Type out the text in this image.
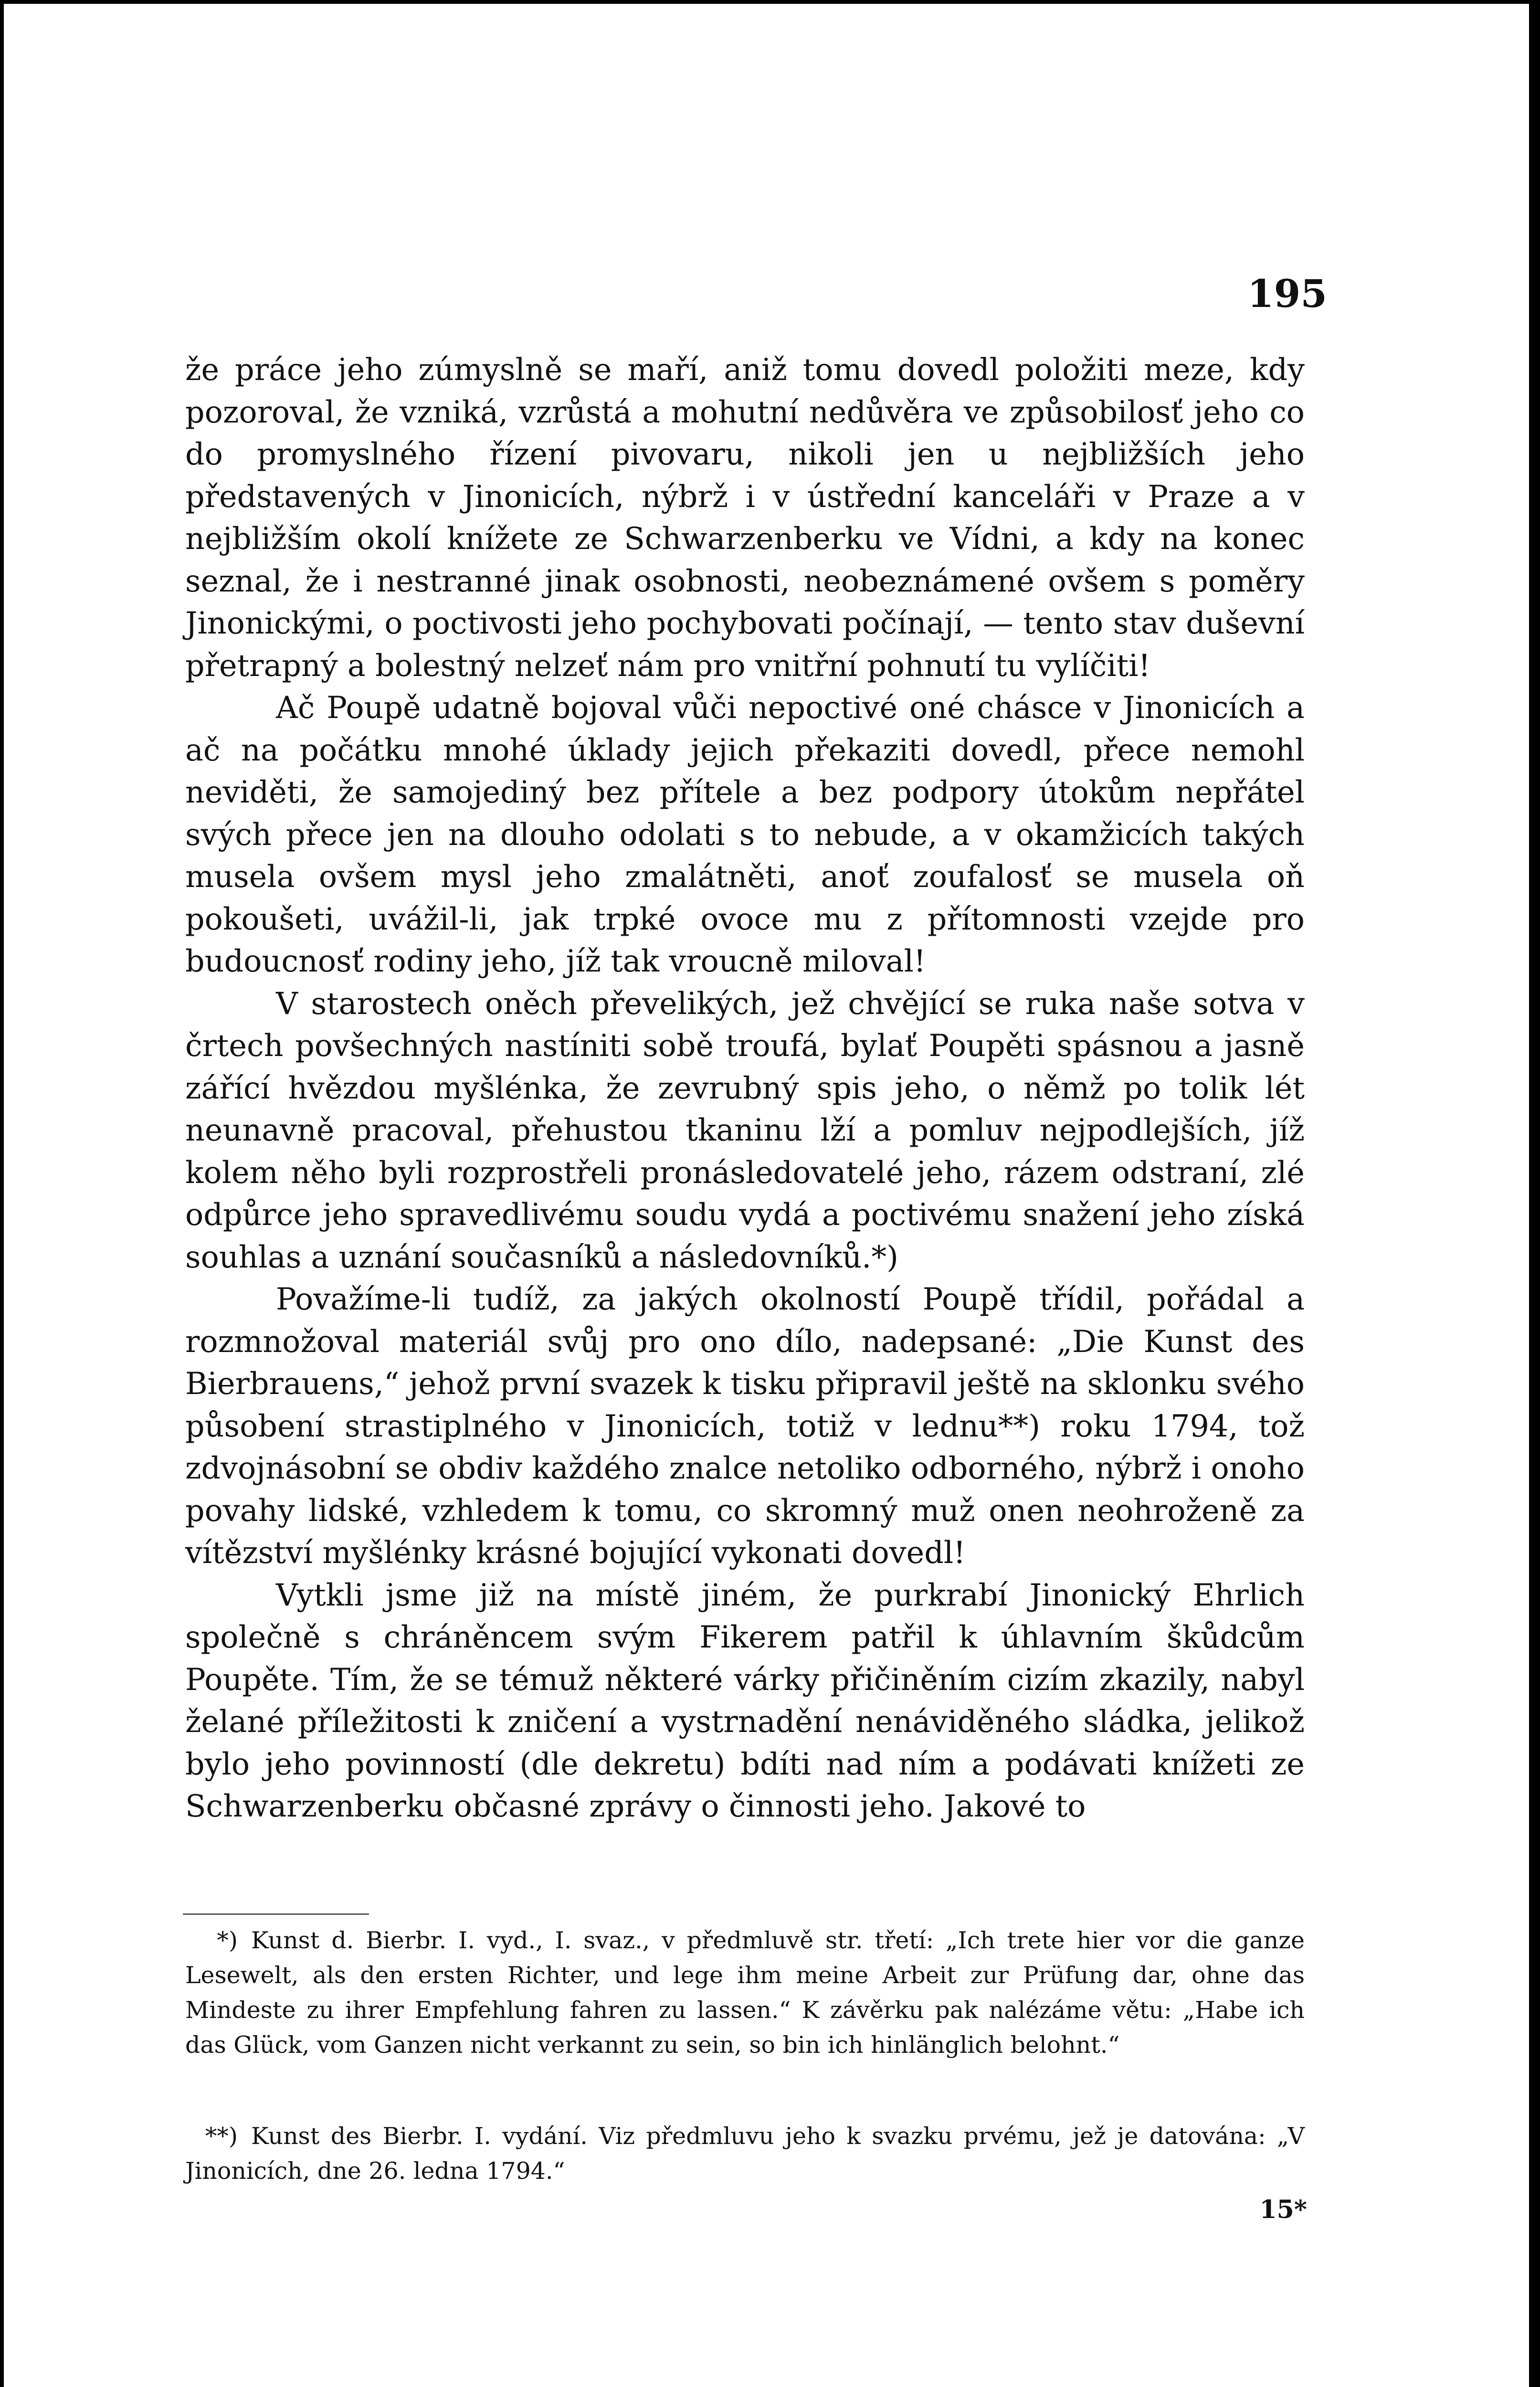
195

že práce jeho zúmyslně se maří, aniž tomu dovedl položiti meze, kdy pozoroval, že vzniká, vzrůstá a mohutní nedůvěra ve způsobilosť jeho co do promyslného řízení pivovaru, nikoli jen u nejbližších jeho představených v Jinonicích, nýbrž i v ústřední kanceláři v Praze a v nejbližším okolí knížete ze Schwarzenberku ve Vídni, a kdy na konec seznal, že i nestranné jinak osobnosti, neobeznámené ovšem s poměry Jinonickými, o poctivosti jeho pochybovati počínají, — tento stav duševní přetrapný a bolestný nelzeť nám pro vnitřní pohnutí tu vylíčiti!

Ač Poupě udatně bojoval vůči nepoctivé oné chásce v Jinonicích a ač na počátku mnohé úklady jejich překaziti dovedl, přece nemohl neviděti, že samojediný bez přítele a bez podpory útokům nepřátel svých přece jen na dlouho odolati s to nebude, a v okamžicích takých musela ovšem mysl jeho zmalátněti, anoť zoufalosť se musela oň pokoušeti, uvážil-li, jak trpké ovoce mu z přítomnosti vzejde pro budoucnosť rodiny jeho, jíž tak vroucně miloval!

V starostech oněch převelikých, jež chvějící se ruka naše sotva v črtech povšechných nastíniti sobě troufá, bylať Poupěti spásnou a jasně zářící hvězdou myšlénka, že zevrubný spis jeho, o němž po tolik lét neunavně pracoval, přehustou tkaninu lží a pomluv nejpodlejších, jíž kolem něho byli rozprostřeli pronásledovatelé jeho, rázem odstraní, zlé odpůrce jeho spravedlivému soudu vydá a poctivému snažení jeho získá souhlas a uznání současníků a následovníků.*)

Považíme-li tudíž, za jakých okolností Poupě třídil, pořádal a rozmnožoval materiál svůj pro ono dílo, nadepsané: „Die Kunst des Bierbrauens,“ jehož první svazek k tisku připravil ještě na sklonku svého působení strastiplného v Jinonicích, totiž v lednu**) roku 1794, tož zdvojnásobní se obdiv každého znalce netoliko odborného, nýbrž i onoho povahy lidské, vzhledem k tomu, co skromný muž onen neohroženě za vítězství myšlénky krásné bojující vykonati dovedl!

Vytkli jsme již na místě jiném, že purkrabí Jinonický Ehrlich společně s chráněncem svým Fikerem patřil k úhlavním škůdcům Poupěte. Tím, že se témuž některé várky přičiněním cizím zkazily, nabyl želané příležitosti k zničení a vystrnadění nenáviděného sládka, jelikož bylo jeho povinností (dle dekretu) bdíti nad ním a podávati knížeti ze Schwarzenberku občasné zprávy o činnosti jeho. Jakové to

*) Kunst d. Bierbr. I. vyd., I. svaz., v předmluvě str. třetí: „Ich trete hier vor die ganze Lesewelt, als den ersten Richter, und lege ihm meine Arbeit zur Prüfung dar, ohne das Mindeste zu ihrer Empfehlung fahren zu lassen.“ K závěrku pak nalézáme větu: „Habe ich das Glück, vom Ganzen nicht verkannt zu sein, so bin ich hinlänglich belohnt.“
**) Kunst des Bierbr. I. vydání. Viz předmluvu jeho k svazku prvému, jež je datována: „V Jinonicích, dne 26. ledna 1794.“
15*
